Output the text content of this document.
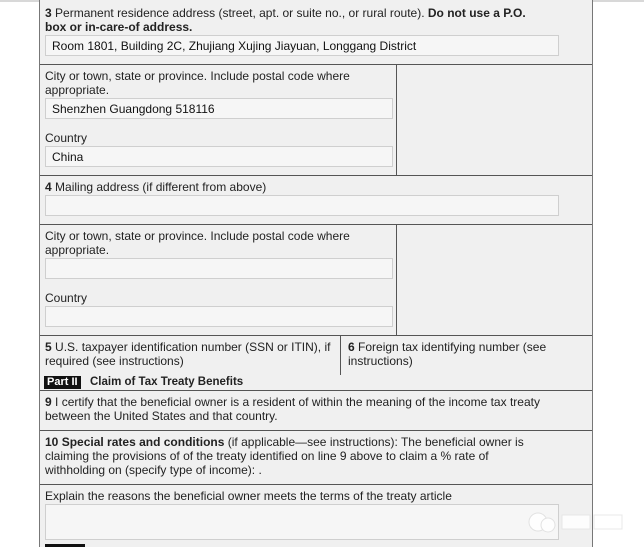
3 Permanent residence address (street, apt. or suite no., or rural route). Do not use a P.O. box or in-care-of address.
Room 1801, Building 2C, Zhujiang Xujing Jiayuan, Longgang District
City or town, state or province. Include postal code where appropriate.
Shenzhen Guangdong 518116
Country
China
4 Mailing address (if different from above)
City or town, state or province. Include postal code where appropriate.
Country
5 U.S. taxpayer identification number (SSN or ITIN), if required (see instructions)
6 Foreign tax identifying number (see instructions)
Part II Claim of Tax Treaty Benefits
9 I certify that the beneficial owner is a resident of within the meaning of the income tax treaty between the United States and that country.
10 Special rates and conditions (if applicable—see instructions): The beneficial owner is claiming the provisions of of the treaty identified on line 9 above to claim a % rate of withholding on (specify type of income): .
Explain the reasons the beneficial owner meets the terms of the treaty article
